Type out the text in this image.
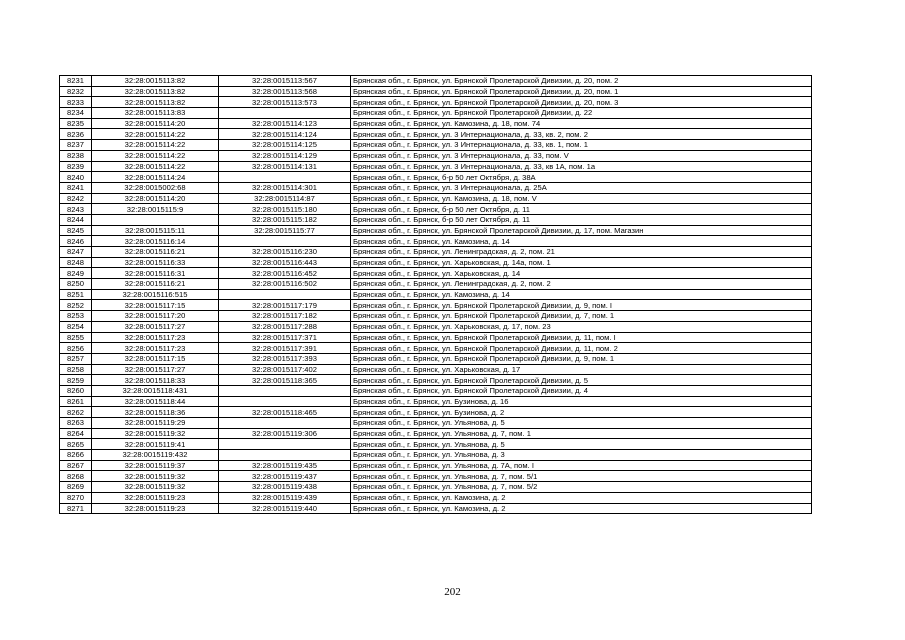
8231	32:28:0015113:82	32:28:0015113:567	Брянская обл., г. Брянск, ул. Брянской Пролетарской Дивизии, д. 20, пом. 2
8232	32:28:0015113:82	32:28:0015113:568	Брянская обл., г. Брянск, ул. Брянской Пролетарской Дивизии, д. 20, пом. 1
8233	32:28:0015113:82	32:28:0015113:573	Брянская обл., г. Брянск, ул. Брянской Пролетарской Дивизии, д. 20, пом. 3
8234	32:28:0015113:83		Брянская обл., г. Брянск, ул. Брянской Пролетарской Дивизии, д. 22
8235	32:28:0015114:20	32:28:0015114:123	Брянская обл., г. Брянск, ул. Камозина, д. 18, пом. 74
8236	32:28:0015114:22	32:28:0015114:124	Брянская обл., г. Брянск, ул. 3 Интернационала, д. 33, кв. 2, пом. 2
8237	32:28:0015114:22	32:28:0015114:125	Брянская обл., г. Брянск, ул. 3 Интернационала, д. 33, кв. 1, пом. 1
8238	32:28:0015114:22	32:28:0015114:129	Брянская обл., г. Брянск, ул. 3 Интернационала, д. 33, пом. V
8239	32:28:0015114:22	32:28:0015114:131	Брянская обл., г. Брянск, ул. 3 Интернационала, д. 33, кв 1А, пом. 1а
8240	32:28:0015114:24		Брянская обл., г. Брянск, б-р 50 лет Октября, д. 38А
8241	32:28:0015002:68	32:28:0015114:301	Брянская обл., г. Брянск, ул. 3 Интернационала, д. 25А
8242	32:28:0015114:20	32:28:0015114:87	Брянская обл., г. Брянск, ул. Камозина, д. 18, пом. V
8243	32:28:0015115:9	32:28:0015115:180	Брянская обл., г. Брянск, б-р 50 лет Октября, д. 11
8244		32:28:0015115:182	Брянская обл., г. Брянск, б-р 50 лет Октября, д. 11
8245	32:28:0015115:11	32:28:0015115:77	Брянская обл., г. Брянск, ул. Брянской Пролетарской Дивизии, д. 17, пом. Магазин
8246	32:28:0015116:14		Брянская обл., г. Брянск, ул. Камозина, д. 14
8247	32:28:0015116:21	32:28:0015116:230	Брянская обл., г. Брянск, ул. Ленинградская, д. 2, пом. 21
8248	32:28:0015116:33	32:28:0015116:443	Брянская обл., г. Брянск, ул. Харьковская, д. 14а, пом. 1
8249	32:28:0015116:31	32:28:0015116:452	Брянская обл., г. Брянск, ул. Харьковская, д. 14
8250	32:28:0015116:21	32:28:0015116:502	Брянская обл., г. Брянск, ул. Ленинградская, д. 2, пом. 2
8251	32:28:0015116:515		Брянская обл., г. Брянск, ул. Камозина, д. 14
8252	32:28:0015117:15	32:28:0015117:179	Брянская обл., г. Брянск, ул. Брянской Пролетарской Дивизии, д. 9, пом. I
8253	32:28:0015117:20	32:28:0015117:182	Брянская обл., г. Брянск, ул. Брянской Пролетарской Дивизии, д. 7, пом. 1
8254	32:28:0015117:27	32:28:0015117:288	Брянская обл., г. Брянск, ул. Харьковская, д. 17, пом. 23
8255	32:28:0015117:23	32:28:0015117:371	Брянская обл., г. Брянск, ул. Брянской Пролетарской Дивизии, д. 11, пом. I
8256	32:28:0015117:23	32:28:0015117:391	Брянская обл., г. Брянск, ул. Брянской Пролетарской Дивизии, д. 11, пом. 2
8257	32:28:0015117:15	32:28:0015117:393	Брянская обл., г. Брянск, ул. Брянской Пролетарской Дивизии, д. 9, пом. 1
8258	32:28:0015117:27	32:28:0015117:402	Брянская обл., г. Брянск, ул. Харьковская, д. 17
8259	32:28:0015118:33	32:28:0015118:365	Брянская обл., г. Брянск, ул. Брянской Пролетарской Дивизии, д. 5
8260	32:28:0015118:431		Брянская обл., г. Брянск, ул. Брянской Пролетарской Дивизии, д. 4
8261	32:28:0015118:44		Брянская обл., г. Брянск, ул. Бузинова, д. 16
8262	32:28:0015118:36	32:28:0015118:465	Брянская обл., г. Брянск, ул. Бузинова, д. 2
8263	32:28:0015119:29		Брянская обл., г. Брянск, ул. Ульянова, д. 5
8264	32:28:0015119:32	32:28:0015119:306	Брянская обл., г. Брянск, ул. Ульянова, д. 7, пом. 1
8265	32:28:0015119:41		Брянская обл., г. Брянск, ул. Ульянова, д. 5
8266	32:28:0015119:432		Брянская обл., г. Брянск, ул. Ульянова, д. 3
8267	32:28:0015119:37	32:28:0015119:435	Брянская обл., г. Брянск, ул. Ульянова, д. 7А, пом. I
8268	32:28:0015119:32	32:28:0015119:437	Брянская обл., г. Брянск, ул. Ульянова, д. 7, пом. 5/1
8269	32:28:0015119:32	32:28:0015119:438	Брянская обл., г. Брянск, ул. Ульянова, д. 7, пом. 5/2
8270	32:28:0015119:23	32:28:0015119:439	Брянская обл., г. Брянск, ул. Камозина, д. 2
8271	32:28:0015119:23	32:28:0015119:440	Брянская обл., г. Брянск, ул. Камозина, д. 2
202
